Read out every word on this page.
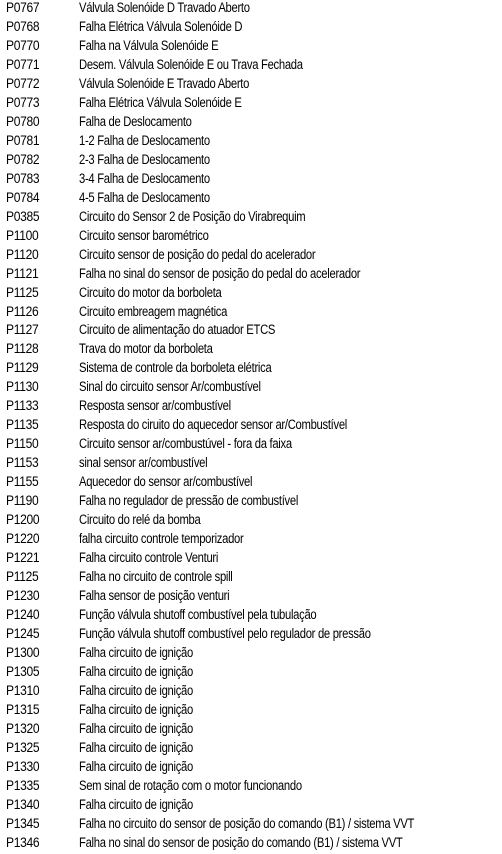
P0767	Válvula Solenóide D Travado Aberto
P0768	Falha Elétrica Válvula Solenóide D
P0770	Falha na Válvula Solenóide E
P0771	Desem. Válvula Solenóide E ou Trava Fechada
P0772	Válvula Solenóide E Travado Aberto
P0773	Falha Elétrica Válvula Solenóide E
P0780	Falha de Deslocamento
P0781	1-2 Falha de Deslocamento
P0782	2-3 Falha de Deslocamento
P0783	3-4 Falha de Deslocamento
P0784	4-5 Falha de Deslocamento
P0385	Circuito do Sensor 2 de Posição do Virabrequim
P1100	Circuito sensor barométrico
P1120	Circuito sensor de posição do pedal do acelerador
P1121	Falha no sinal do sensor de posição do pedal do acelerador
P1125	Circuito do motor da borboleta
P1126	Circuito embreagem magnética
P1127	Circuito de alimentação do atuador ETCS
P1128	Trava do motor da borboleta
P1129	Sistema de controle da borboleta elétrica
P1130	Sinal do circuito sensor Ar/combustível
P1133	Resposta sensor ar/combustível
P1135	Resposta do ciruito do aquecedor sensor ar/Combustível
P1150	Circuito sensor ar/combustúvel - fora da faixa
P1153	sinal sensor ar/combustível
P1155	Aquecedor do sensor ar/combustível
P1190	Falha no regulador de pressão de combustível
P1200	Circuito do relé da bomba
P1220	falha circuito controle temporizador
P1221	Falha circuito controle Venturi
P1125	Falha no circuito de controle spill
P1230	Falha sensor de posição venturi
P1240	Função válvula shutoff combustível pela tubulação
P1245	Função válvula shutoff combustível pelo regulador de pressão
P1300	Falha circuito de ignição
P1305	Falha circuito de ignição
P1310	Falha circuito de ignição
P1315	Falha circuito de ignição
P1320	Falha circuito de ignição
P1325	Falha circuito de ignição
P1330	Falha circuito de ignição
P1335	Sem sinal de rotação com o motor funcionando
P1340	Falha circuito de ignição
P1345	Falha no circuito do sensor de posição do comando (B1) / sistema VVT
P1346	Falha no sinal do sensor de posição do comando (B1) / sistema VVT
